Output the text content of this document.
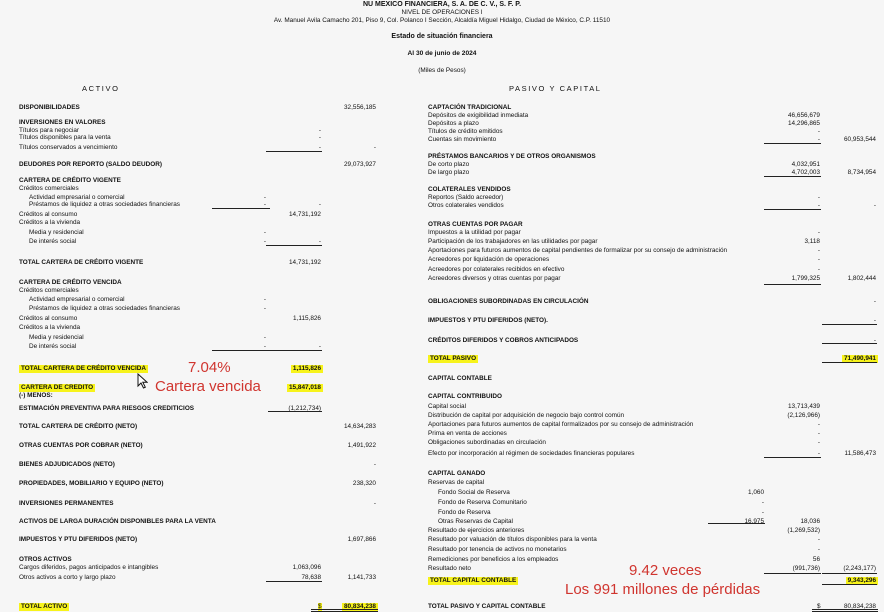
NU MEXICO FINANCIERA, S. A. DE C. V., S. F. P.
NIVEL DE OPERACIONES I
Av. Manuel Avila Camacho 201, Piso 9, Col. Polanco I Sección, Alcaldía Miguel Hidalgo, Ciudad de México, C.P. 11510
Estado de situación financiera
Al 30 de junio de 2024
(Miles de Pesos)
ACTIVO	PASIVO Y CAPITAL
DISPONIBILIDADES	32,556,185
INVERSIONES EN VALORES
Títulos para negociar	-
Títulos disponibles para la venta	-
Títulos conservados a vencimiento	-	-
DEUDORES POR REPORTO (SALDO DEUDOR)	29,073,927
CARTERA DE CRÉDITO VIGENTE
Créditos comerciales
Actividad empresarial o comercial	-
Préstamos de liquidez a otras sociedades financieras	-	-
Créditos al consumo	14,731,192
Créditos a la vivienda
Media y residencial	-
De interés social	-	-
TOTAL CARTERA DE CRÉDITO VIGENTE	14,731,192
CARTERA DE CRÉDITO VENCIDA
Créditos comerciales
Actividad empresarial o comercial	-
Préstamos de liquidez a otras sociedades financieras	-
Créditos al consumo	1,115,826
Créditos a la vivienda
Media y residencial	-
De interés social	-	-
TOTAL CARTERA DE CRÉDITO VENCIDA	1,115,826
CARTERA DE CREDITO	15,847,018
(-) MENOS:
ESTIMACIÓN PREVENTIVA PARA RIESGOS CREDITICIOS	(1,212,734)
TOTAL CARTERA DE CRÉDITO (NETO)	14,634,283
OTRAS CUENTAS POR COBRAR (NETO)	1,491,922
BIENES ADJUDICADOS (NETO)	-
PROPIEDADES, MOBILIARIO Y EQUIPO (NETO)	238,320
INVERSIONES PERMANENTES	-
ACTIVOS DE LARGA DURACIÓN DISPONIBLES PARA LA VENTA
IMPUESTOS Y PTU DIFERIDOS (NETO)	1,697,866
OTROS ACTIVOS
Cargos diferidos, pagos anticipados e intangibles	1,063,096
Otros activos a corto y largo plazo	78,638	1,141,733
TOTAL ACTIVO	80,834,238
$
CAPTACIÓN TRADICIONAL
Depósitos de exigibilidad inmediata	46,656,679
Depósitos a plazo	14,296,865
Títulos de crédito emitidos	-
Cuentas sin movimiento	-	60,953,544
PRÉSTAMOS BANCARIOS Y DE OTROS ORGANISMOS
De corto plazo	4,032,951
De largo plazo	4,702,003	8,734,954
COLATERALES VENDIDOS
Reportos (Saldo acreedor)	-
Otros colaterales vendidos	-	-
OTRAS CUENTAS POR PAGAR
Impuestos a la utilidad por pagar	-
Participación de los trabajadores en las utilidades por pagar	3,118
Aportaciones para futuros aumentos de capital pendientes de formalizar por su consejo de administración	-
Acreedores por liquidación de operaciones	-
Acreedores por colaterales recibidos en efectivo	-
Acreedores diversos y otras cuentas por pagar	1,799,325	1,802,444
OBLIGACIONES SUBORDINADAS EN CIRCULACIÓN	-
IMPUESTOS Y PTU DIFERIDOS (NETO).	-
CRÉDITOS DIFERIDOS Y COBROS ANTICIPADOS	-
TOTAL PASIVO	71,490,941
CAPITAL CONTABLE
CAPITAL CONTRIBUIDO
Capital social	13,713,439
Distribución de capital por adquisición de negocio bajo control común	(2,126,966)
Aportaciones para futuros aumentos de capital formalizados por su consejo de administración	-
Prima en venta de acciones	-
Obligaciones subordinadas en circulación	-
Efecto por incorporación al régimen de sociedades financieras populares	-	11,586,473
CAPITAL GANADO
Reservas de capital
Fondo Social de Reserva	1,060
Fondo de Reserva Comunitario	-
Fondo de Reserva	-
Otras Reservas de Capital	16,975	18,036
Resultado de ejercicios anteriores	(1,269,532)
Resultado por valuación de títulos disponibles para la venta	-
Resultado por tenencia de activos no monetarios	-
Remediciones por beneficios a los empleados	56
Resultado neto	(991,736)	(2,243,177)
TOTAL CAPITAL CONTABLE	9,343,296
TOTAL PASIVO Y CAPITAL CONTABLE	80,834,238
$
7.04%
Cartera vencida
9.42 veces
Los 991 millones de pérdidas
